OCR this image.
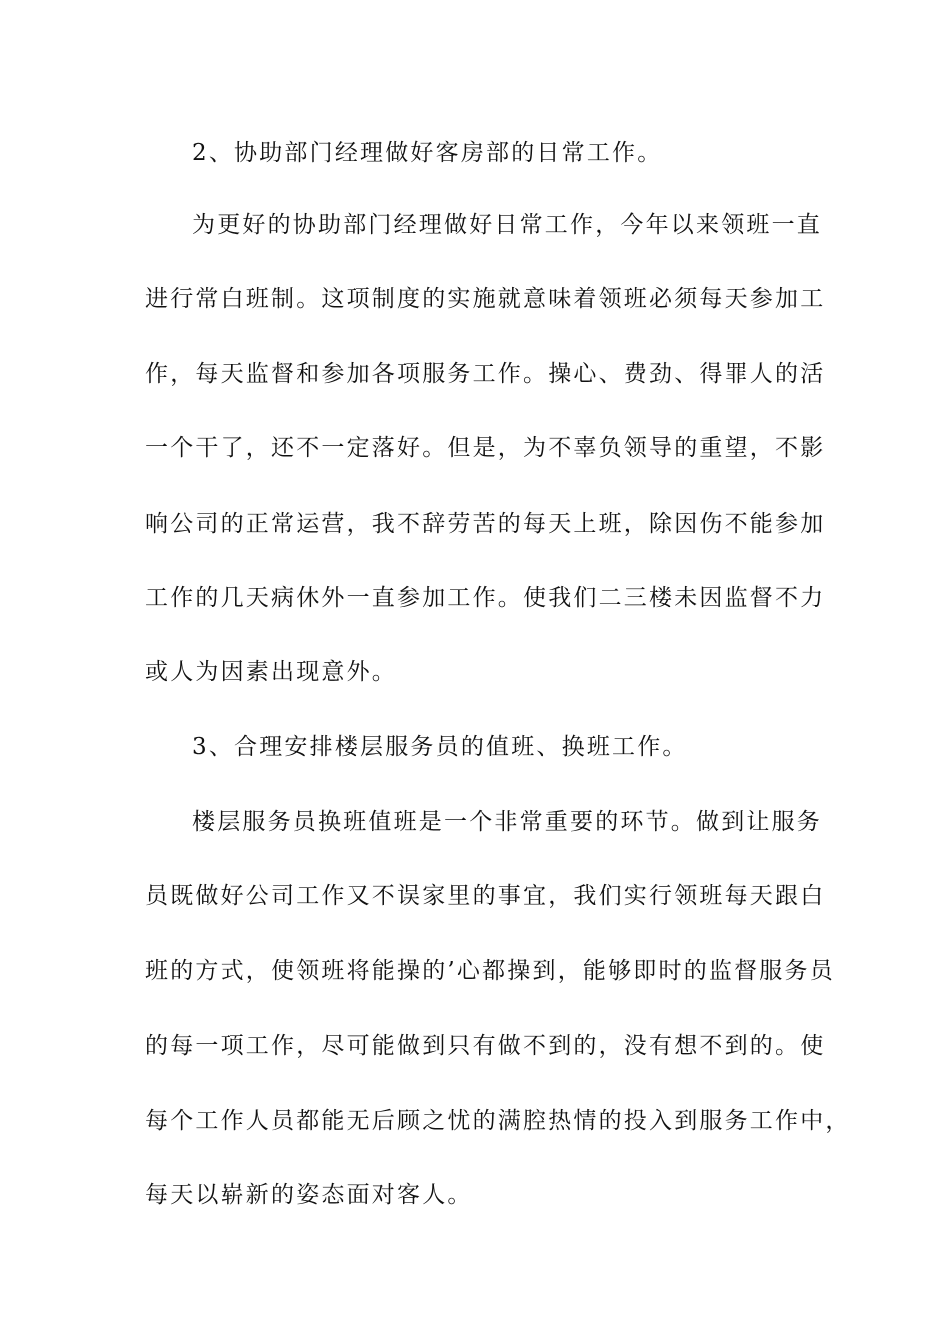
2、协助部门经理做好客房部的日常工作。
为更好的协助部门经理做好日常工作，今年以来领班一直
进行常白班制。这项制度的实施就意味着领班必须每天参加工
作，每天监督和参加各项服务工作。操心、费劲、得罪人的活
一个干了，还不一定落好。但是，为不辜负领导的重望，不影
响公司的正常运营，我不辞劳苦的每天上班，除因伤不能参加
工作的几天病休外一直参加工作。使我们二三楼未因监督不力
或人为因素出现意外。
3、合理安排楼层服务员的值班、换班工作。
楼层服务员换班值班是一个非常重要的环节。做到让服务
员既做好公司工作又不误家里的事宜，我们实行领班每天跟白
班的方式，使领班将能操的’心都操到，能够即时的监督服务员
的每一项工作，尽可能做到只有做不到的，没有想不到的。使
每个工作人员都能无后顾之忧的满腔热情的投入到服务工作中，
每天以崭新的姿态面对客人。
